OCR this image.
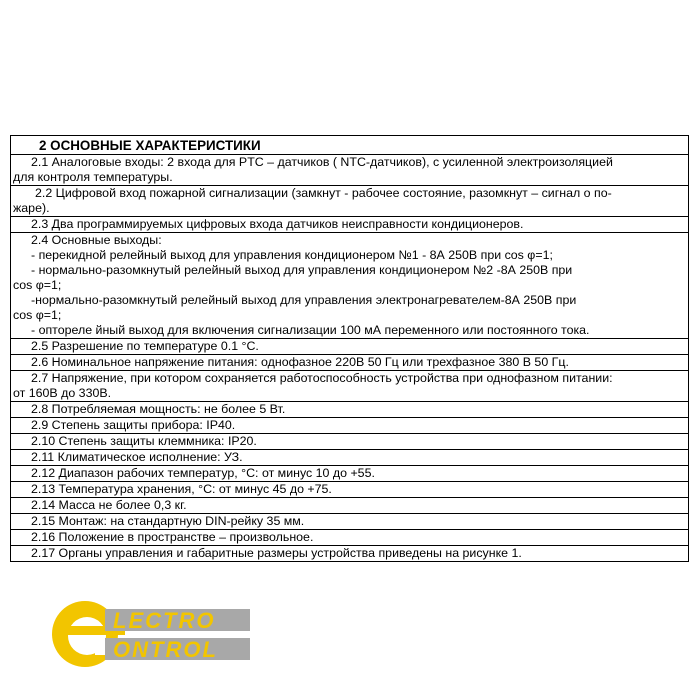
2 ОСНОВНЫЕ ХАРАКТЕРИСТИКИ

2.1 Аналоговые входы: 2 входа для PTC – датчиков ( NTC-датчиков), с усиленной электроизоляцией
для контроля температуры.

2.2 Цифровой вход пожарной сигнализации (замкнут - рабочее состояние, разомкнут – сигнал о по-
жаре).

2.3 Два программируемых цифровых входа датчиков неисправности кондиционеров.

2.4 Основные выходы:
- перекидной релейный выход для управления кондиционером №1 - 8А 250В при cos φ=1;
- нормально-разомкнутый релейный выход для управления кондиционером №2 -8А 250В при
cos φ=1;
-нормально-разомкнутый релейный выход для управления электронагревателем-8А 250В при
cos φ=1;
- оптореле йный выход для включения сигнализации 100 мА переменного или постоянного тока.

2.5 Разрешение по температуре 0.1 °С.
2.6 Номинальное напряжение питания: однофазное 220В 50 Гц или трехфазное 380 В 50 Гц.

2.7 Напряжение, при котором сохраняется работоспособность устройства при однофазном питании:
от 160В до 330В.

2.8 Потребляемая мощность: не более 5 Вт.
2.9 Степень защиты прибора: IP40.
2.10 Степень защиты клеммника: IP20.
2.11 Климатическое исполнение: УЗ.
2.12 Диапазон рабочих температур, °С: от минус 10 до +55.
2.13 Температура хранения, °С: от минус 45 до +75.
2.14 Масса не более 0,3 кг.
2.15 Монтаж: на стандартную DIN-рейку 35 мм.
2.16 Положение в пространстве – произвольное.
2.17 Органы управления и габаритные размеры устройства приведены на рисунке 1.
LECTRO
ONTROL
